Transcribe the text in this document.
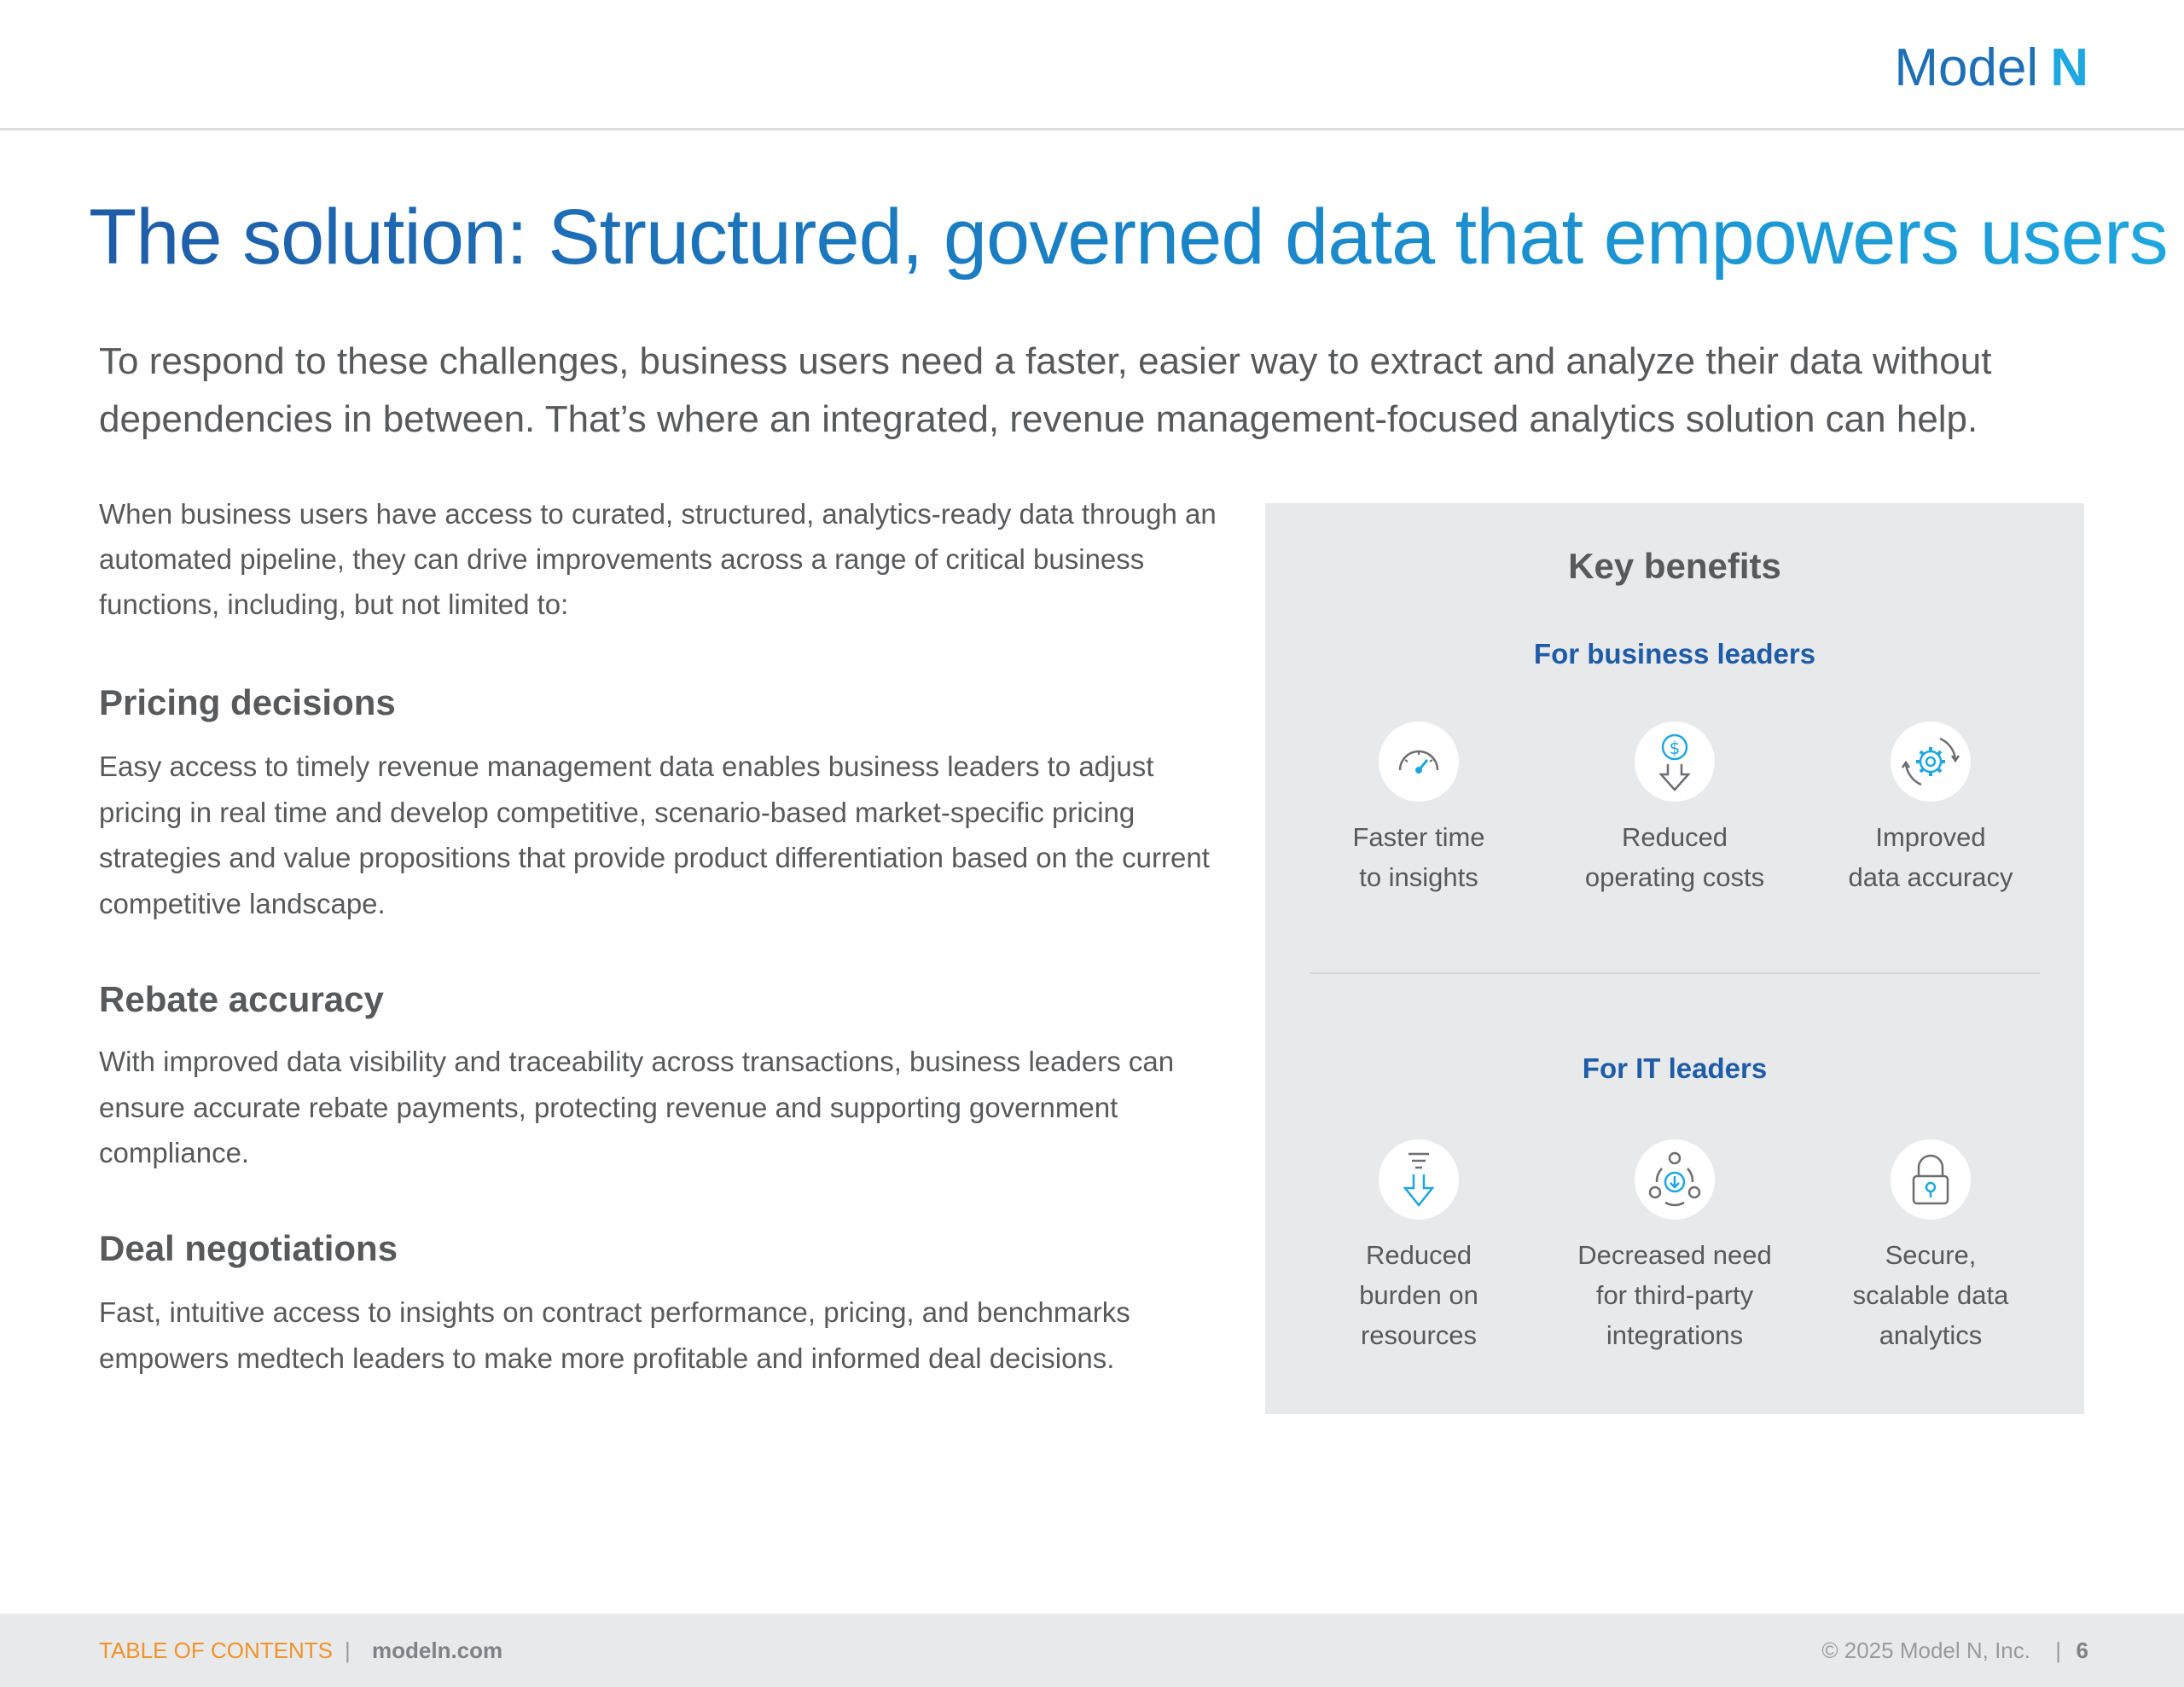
Model N
The solution: Structured, governed data that empowers users

To respond to these challenges, business users need a faster, easier way to extract and analyze their data without dependencies in between. That’s where an integrated, revenue management-focused analytics solution can help.

When business users have access to curated, structured, analytics-ready data through an automated pipeline, they can drive improvements across a range of critical business functions, including, but not limited to:

Pricing decisions

Easy access to timely revenue management data enables business leaders to adjust pricing in real time and develop competitive, scenario-based market-specific pricing strategies and value propositions that provide product differentiation based on the current competitive landscape.

Rebate accuracy

With improved data visibility and traceability across transactions, business leaders can ensure accurate rebate payments, protecting revenue and supporting government compliance.

Deal negotiations

Fast, intuitive access to insights on contract performance, pricing, and benchmarks empowers medtech leaders to make more profitable and informed deal decisions.

Key benefits
For business leaders
Faster time
to insights
$
Reduced
operating costs
Improved
data accuracy
For IT leaders
Reduced
burden on
resources
Decreased need
for third-party
integrations
Secure,
scalable data
analytics
TABLE OF CONTENTS | modeln.com	© 2025 Model N, Inc. | 6
